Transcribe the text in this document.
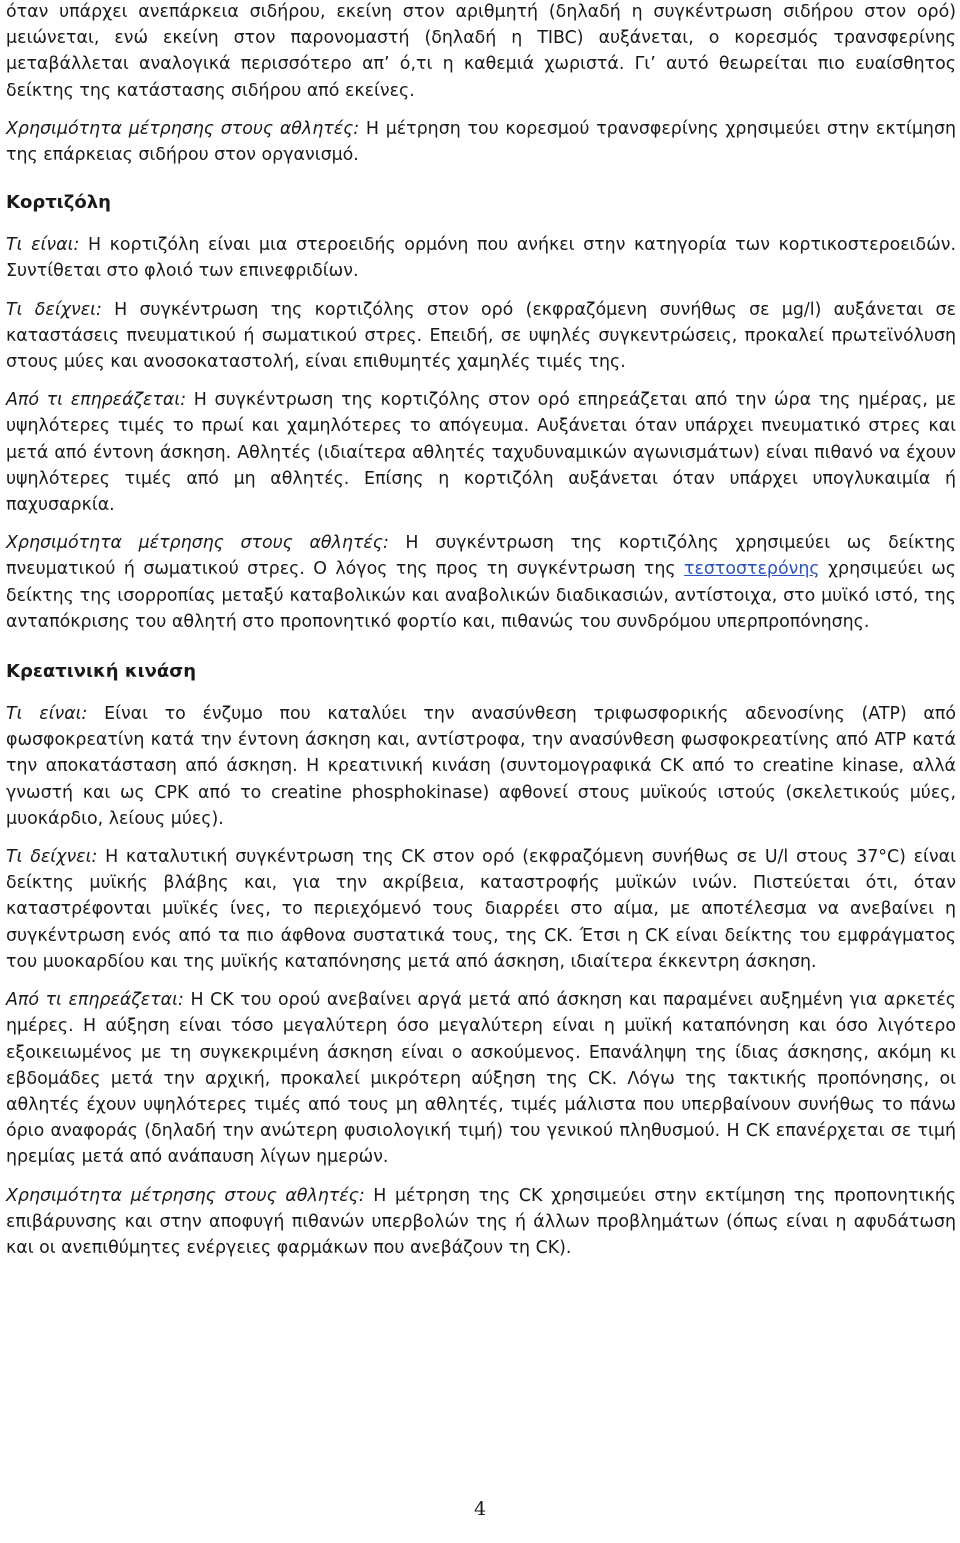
όταν υπάρχει ανεπάρκεια σιδήρου, εκείνη στον αριθμητή (δηλαδή η συγκέντρωση σιδήρου στον ορό) μειώνεται, ενώ εκείνη στον παρονομαστή (δηλαδή η TIBC) αυξάνεται, ο κορεσμός τρανσφερίνης μεταβάλλεται αναλογικά περισσότερο απ’ ό,τι η καθεμιά χωριστά. Γι’ αυτό θεωρείται πιο ευαίσθητος δείκτης της κατάστασης σιδήρου από εκείνες.

Χρησιμότητα μέτρησης στους αθλητές: Η μέτρηση του κορεσμού τρανσφερίνης χρησιμεύει στην εκτίμηση της επάρκειας σιδήρου στον οργανισμό.

Κορτιζόλη

Τι είναι: Η κορτιζόλη είναι μια στεροειδής ορμόνη που ανήκει στην κατηγορία των κορτικοστεροειδών. Συντίθεται στο φλοιό των επινεφριδίων.

Τι δείχνει: Η συγκέντρωση της κορτιζόλης στον ορό (εκφραζόμενη συνήθως σε μg/l) αυξάνεται σε καταστάσεις πνευματικού ή σωματικού στρες. Επειδή, σε υψηλές συγκεντρώσεις, προκαλεί πρωτεϊνόλυση στους μύες και ανοσοκαταστολή, είναι επιθυμητές χαμηλές τιμές της.

Από τι επηρεάζεται: Η συγκέντρωση της κορτιζόλης στον ορό επηρεάζεται από την ώρα της ημέρας, με υψηλότερες τιμές το πρωί και χαμηλότερες το απόγευμα. Αυξάνεται όταν υπάρχει πνευματικό στρες και μετά από έντονη άσκηση. Αθλητές (ιδιαίτερα αθλητές ταχυδυναμικών αγωνισμάτων) είναι πιθανό να έχουν υψηλότερες τιμές από μη αθλητές. Επίσης η κορτιζόλη αυξάνεται όταν υπάρχει υπογλυκαιμία ή παχυσαρκία.

Χρησιμότητα μέτρησης στους αθλητές: Η συγκέντρωση της κορτιζόλης χρησιμεύει ως δείκτης πνευματικού ή σωματικού στρες. Ο λόγος της προς τη συγκέντρωση της τεστοστερόνης χρησιμεύει ως δείκτης της ισορροπίας μεταξύ καταβολικών και αναβολικών διαδικασιών, αντίστοιχα, στο μυϊκό ιστό, της ανταπόκρισης του αθλητή στο προπονητικό φορτίο και, πιθανώς του συνδρόμου υπερπροπόνησης.

Κρεατινική κινάση

Τι είναι: Είναι το ένζυμο που καταλύει την ανασύνθεση τριφωσφορικής αδενοσίνης (ATP) από φωσφοκρεατίνη κατά την έντονη άσκηση και, αντίστροφα, την ανασύνθεση φωσφοκρεατίνης από ATP κατά την αποκατάσταση από άσκηση. Η κρεατινική κινάση (συντομογραφικά CK από το creatine kinase, αλλά γνωστή και ως CPK από το creatine phosphokinase) αφθονεί στους μυϊκούς ιστούς (σκελετικούς μύες, μυοκάρδιο, λείους μύες).

Τι δείχνει: Η καταλυτική συγκέντρωση της CK στον ορό (εκφραζόμενη συνήθως σε U/l στους 37°C) είναι δείκτης μυϊκής βλάβης και, για την ακρίβεια, καταστροφής μυϊκών ινών. Πιστεύεται ότι, όταν καταστρέφονται μυϊκές ίνες, το περιεχόμενό τους διαρρέει στο αίμα, με αποτέλεσμα να ανεβαίνει η συγκέντρωση ενός από τα πιο άφθονα συστατικά τους, της CK. Έτσι η CK είναι δείκτης του εμφράγματος του μυοκαρδίου και της μυϊκής καταπόνησης μετά από άσκηση, ιδιαίτερα έκκεντρη άσκηση.

Από τι επηρεάζεται: Η CK του ορού ανεβαίνει αργά μετά από άσκηση και παραμένει αυξημένη για αρκετές ημέρες. Η αύξηση είναι τόσο μεγαλύτερη όσο μεγαλύτερη είναι η μυϊκή καταπόνηση και όσο λιγότερο εξοικειωμένος με τη συγκεκριμένη άσκηση είναι ο ασκούμενος. Επανάληψη της ίδιας άσκησης, ακόμη κι εβδομάδες μετά την αρχική, προκαλεί μικρότερη αύξηση της CK. Λόγω της τακτικής προπόνησης, οι αθλητές έχουν υψηλότερες τιμές από τους μη αθλητές, τιμές μάλιστα που υπερβαίνουν συνήθως το πάνω όριο αναφοράς (δηλαδή την ανώτερη φυσιολογική τιμή) του γενικού πληθυσμού. Η CK επανέρχεται σε τιμή ηρεμίας μετά από ανάπαυση λίγων ημερών.

Χρησιμότητα μέτρησης στους αθλητές: Η μέτρηση της CK χρησιμεύει στην εκτίμηση της προπονητικής επιβάρυνσης και στην αποφυγή πιθανών υπερβολών της ή άλλων προβλημάτων (όπως είναι η αφυδάτωση και οι ανεπιθύμητες ενέργειες φαρμάκων που ανεβάζουν τη CK).

4
